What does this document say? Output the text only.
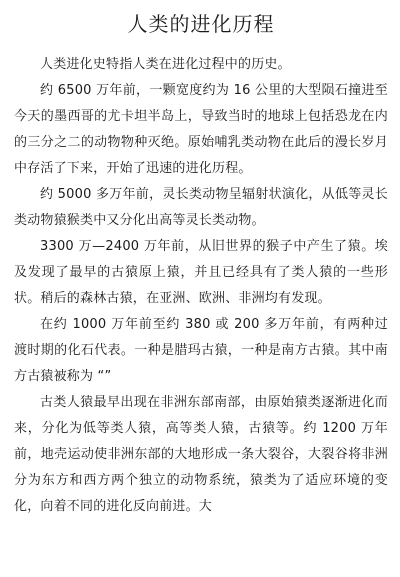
人类的进化历程

人类进化史特指人类在进化过程中的历史。

约 6500 万年前，一颗宽度约为 16 公里的大型陨石撞进至今天的墨西哥的尤卡坦半岛上，导致当时的地球上包括恐龙在内的三分之二的动物物种灭绝。原始哺乳类动物在此后的漫长岁月中存活了下来，开始了迅速的进化历程。

约 5000 多万年前，灵长类动物呈辐射状演化，从低等灵长类动物猿猴类中又分化出高等灵长类动物。

3300 万—2400 万年前，从旧世界的猴子中产生了猿。埃及发现了最早的古猿原上猿，并且已经具有了类人猿的一些形状。稍后的森林古猿，在亚洲、欧洲、非洲均有发现。

在约 1000 万年前至约 380 或 200 多万年前，有两种过渡时期的化石代表。一种是腊玛古猿，一种是南方古猿。其中南方古猿被称为 “”

古类人猿最早出现在非洲东部南部，由原始猿类逐渐进化而来，分化为低等类人猿，高等类人猿，古猿等。约 1200 万年前，地壳运动使非洲东部的大地形成一条大裂谷，大裂谷将非洲分为东方和西方两个独立的动物系统，猿类为了适应环境的变化，向着不同的进化反向前进。大
